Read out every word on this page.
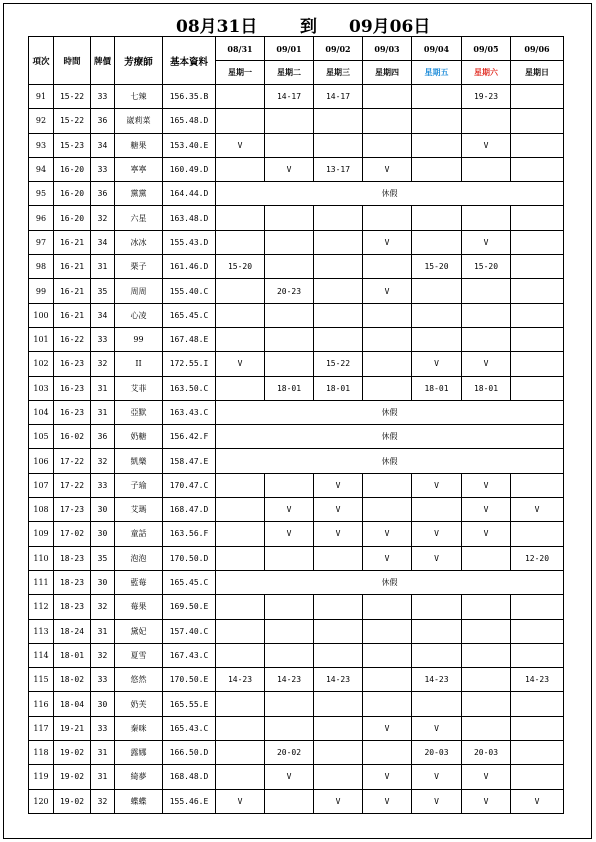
08月31日	到 09月06日
項次	時間	牌價	芳療師	基本資料	08/31	09/01	09/02	09/03	09/04	09/05	09/06
					星期一	星期二	星期三	星期四	星期五	星期六	星期日
91	15-22	33	七辣	156.35.B		14-17	14-17			19-23	
92	15-22	36	崴莉菜	165.48.D							
93	15-23	34	糖果	153.40.E	V					V	
94	16-20	33	寧寧	160.49.D		V	13-17	V			
95	16-20	36	黨黨	164.44.D	休假						
96	16-20	32	六星	163.48.D							
97	16-21	34	冰冰	155.43.D				V		V	
98	16-21	31	栗子	161.46.D	15-20				15-20	15-20	
99	16-21	35	周周	155.40.C		20-23		V			
100	16-21	34	心凌	165.45.C							
101	16-22	33	99	167.48.E							
102	16-23	32	II	172.55.I	V		15-22		V	V	
103	16-23	31	艾菲	163.50.C		18-01	18-01		18-01	18-01	
104	16-23	31	亞默	163.43.C	休假						
105	16-02	36	奶糖	156.42.F	休假						
106	17-22	32	凱樂	158.47.E	休假						
107	17-22	33	子瑜	170.47.C			V		V	V	
108	17-23	30	艾瑪	168.47.D		V	V			V	V
109	17-02	30	童話	163.56.F		V	V	V	V	V	
110	18-23	35	泡泡	170.50.D				V	V		12-20
111	18-23	30	藍莓	165.45.C	休假						
112	18-23	32	莓果	169.50.E							
113	18-24	31	黛妃	157.40.C							
114	18-01	32	夏雪	167.43.C							
115	18-02	33	悠然	170.50.E	14-23	14-23	14-23		14-23		14-23
116	18-04	30	奶芙	165.55.E							
117	19-21	33	秦咪	165.43.C				V	V		
118	19-02	31	露娜	166.50.D		20-02			20-03	20-03	
119	19-02	31	綺夢	168.48.D		V		V	V	V	
120	19-02	32	蝶蝶	155.46.E	V		V	V	V	V	V
